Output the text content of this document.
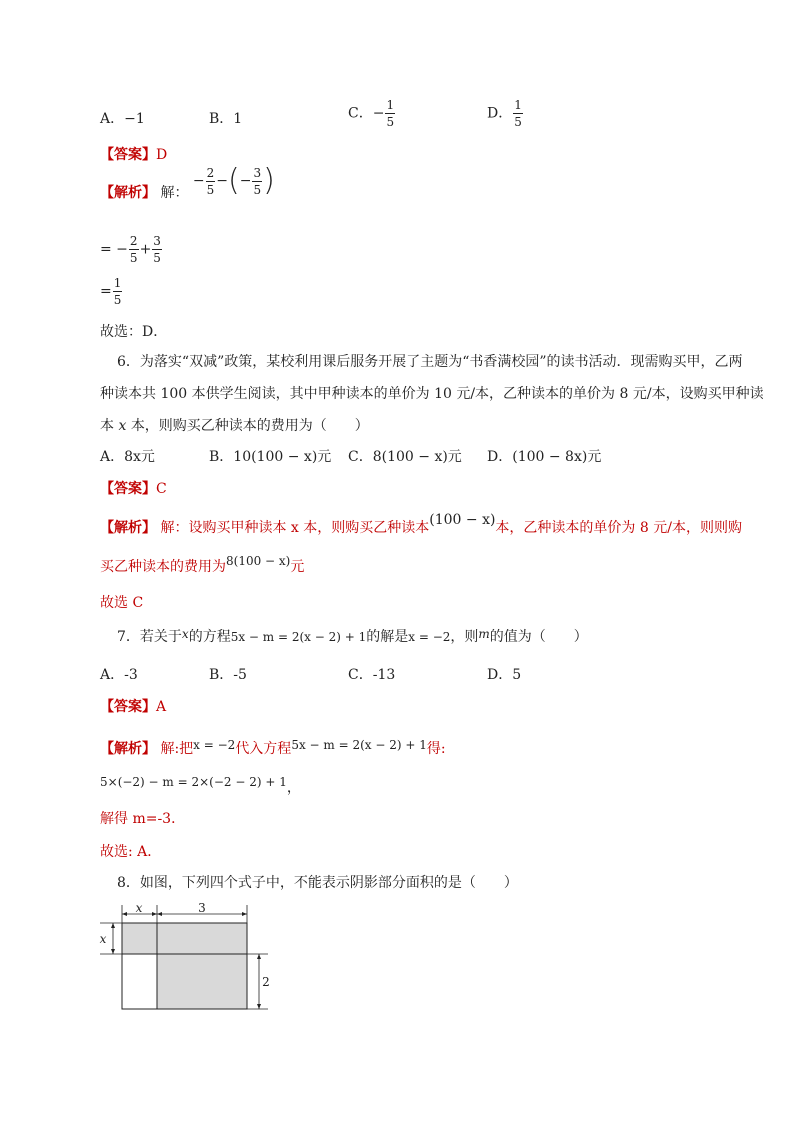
A．−1	B．1	C．− $\frac{1}{5}$	D． $\frac{1}{5}$
【答案】D
【解析】 解： − $\frac{2}{5}$ −(− $\frac{3}{5}$ )
= − $\frac{2}{5} + \frac{3}{5}$
= $\frac{1}{5}$
故选：D．
6．为落实“双减”政策，某校利用课后服务开展了主题为“书香满校园”的读书活动．现需购买甲，乙两
种读本共 100 本供学生阅读，其中甲种读本的单价为 10 元/本，乙种读本的单价为 8 元/本，设购买甲种读
本 x 本，则购买乙种读本的费用为（　　）
A．8x元	B．10(100 − x)元 C．8(100 − x)元 D．(100 − 8x)元
【答案】C
【解析】 解：设购买甲种读本 x 本，则购买乙种读本(100 − x)本，乙种读本的单价为 8 元/本，则则购
买乙种读本的费用为8(100 − x)元
故选 C
7．若关于x的方程5x − m = 2(x − 2) + 1的解是x = −2，则m的值为（　　）
A．-3	B．-5	C．-13	D．5
【答案】A
【解析】 解:把x = −2代入方程5x − m = 2(x − 2) + 1得:
5×(−2) − m = 2×(−2 − 2) + 1，
解得 m=-3．
故选: A．
8．如图，下列四个式子中，不能表示阴影部分面积的是（　　）
x	3
x
2
